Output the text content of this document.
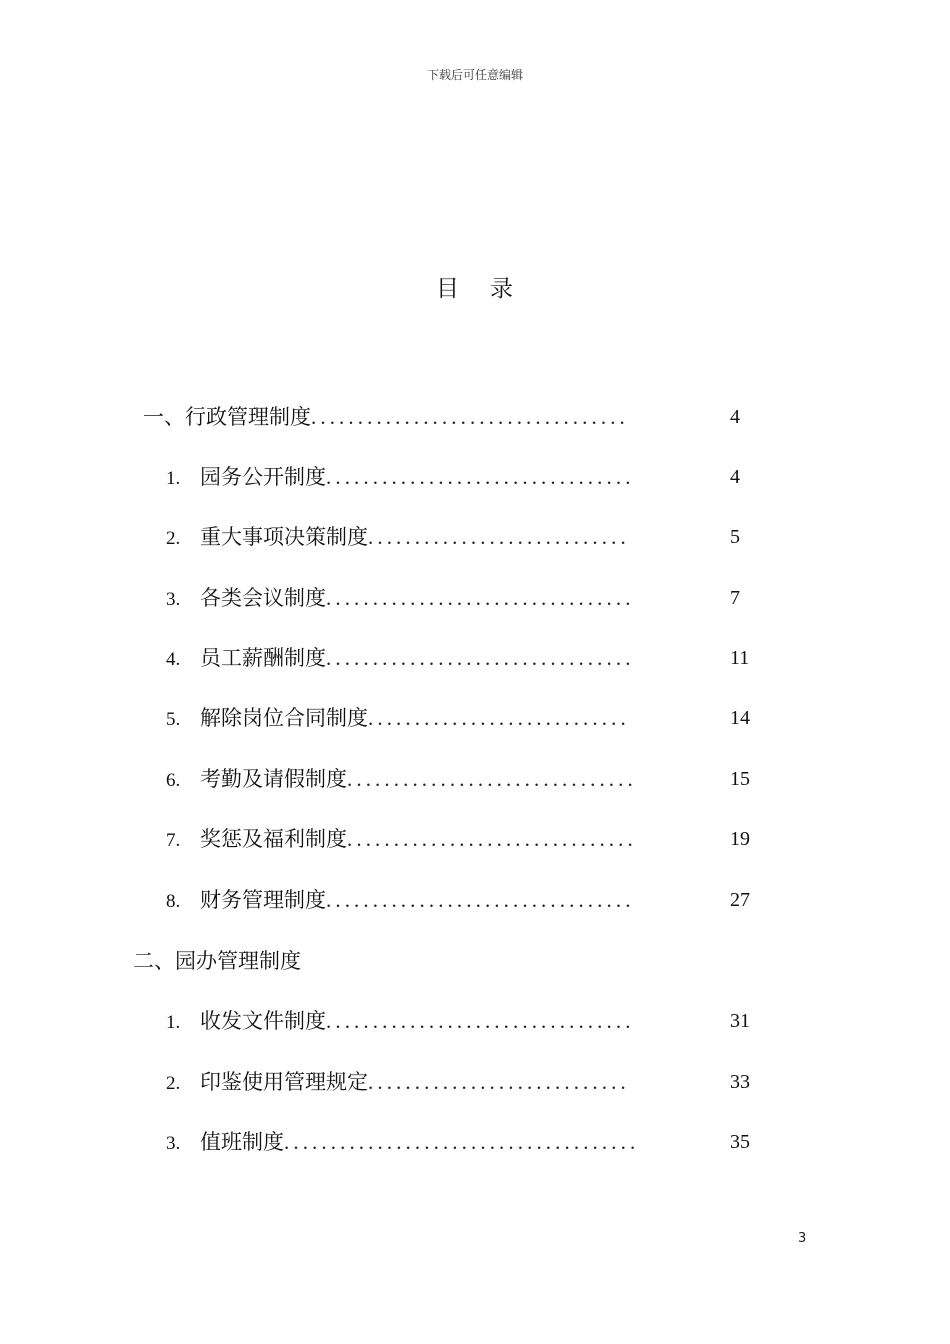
下载后可任意编辑
目 录
一、行政管理制度..................................	4
1. 园务公开制度.................................	4
2. 重大事项决策制度............................	5
3. 各类会议制度.................................	7
4. 员工薪酬制度.................................	11
5. 解除岗位合同制度............................	14
6. 考勤及请假制度...............................	15
7. 奖惩及福利制度...............................	19
8. 财务管理制度.................................	27
二、园办管理制度
1. 收发文件制度.................................	31
2. 印鉴使用管理规定............................	33
3. 值班制度......................................	35
3
